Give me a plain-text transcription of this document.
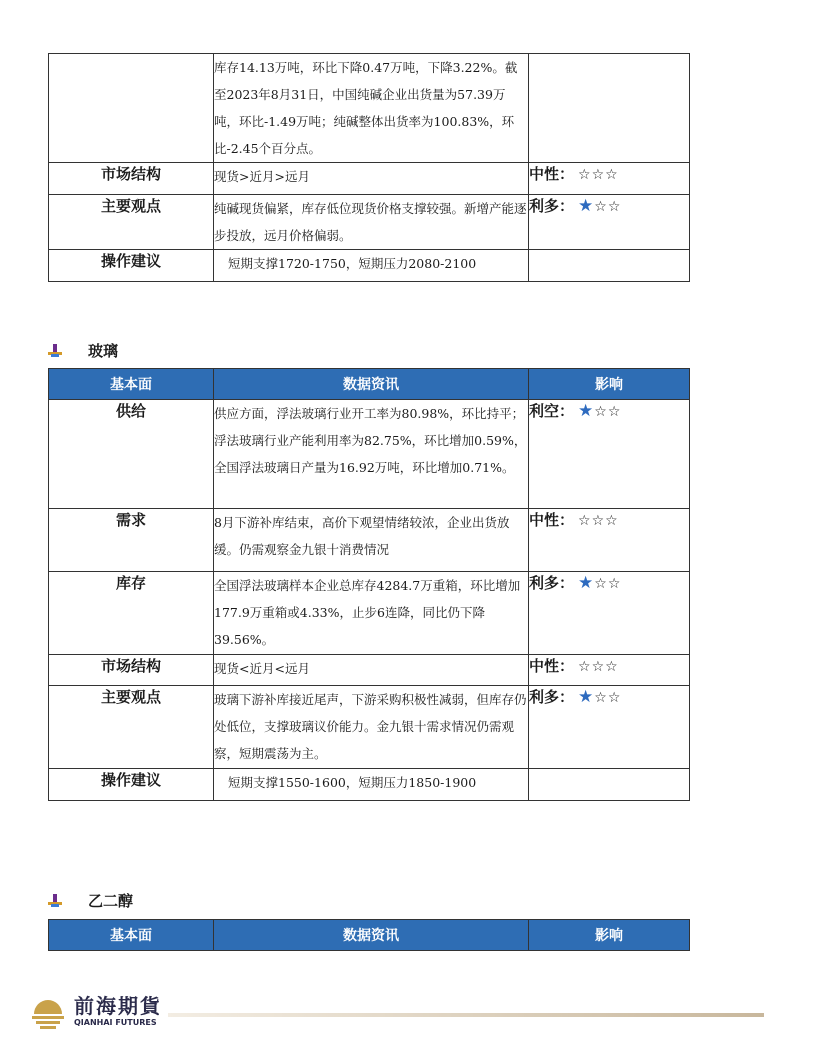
	库存14.13万吨，环比下降0.47万吨，下降3.22%。截至2023年8月31日，中国纯碱企业出货量为57.39万吨，环比-1.49万吨；纯碱整体出货率为100.83%，环比-2.45个百分点。	
市场结构	现货>近月>远月	中性： ☆☆☆
主要观点	纯碱现货偏紧，库存低位现货价格支撑较强。新增产能逐步投放，远月价格偏弱。	利多： ★☆☆
操作建议	短期支撑1720-1750，短期压力2080-2100	
玻璃
基本面	数据资讯	影响
供给	供应方面，浮法玻璃行业开工率为80.98%，环比持平；浮法玻璃行业产能利用率为82.75%，环比增加0.59%，全国浮法玻璃日产量为16.92万吨，环比增加0.71%。	利空： ★☆☆
需求	8月下游补库结束，高价下观望情绪较浓，企业出货放缓。仍需观察金九银十消费情况	中性： ☆☆☆
库存	全国浮法玻璃样本企业总库存4284.7万重箱，环比增加177.9万重箱或4.33%，止步6连降，同比仍下降39.56%。	利多： ★☆☆
市场结构	现货<近月<远月	中性： ☆☆☆
主要观点	玻璃下游补库接近尾声，下游采购积极性减弱，但库存仍处低位，支撑玻璃议价能力。金九银十需求情况仍需观察，短期震荡为主。	利多： ★☆☆
操作建议	短期支撑1550-1600，短期压力1850-1900	
乙二醇
基本面	数据资讯	影响
前海期貨
QIANHAI FUTURES
